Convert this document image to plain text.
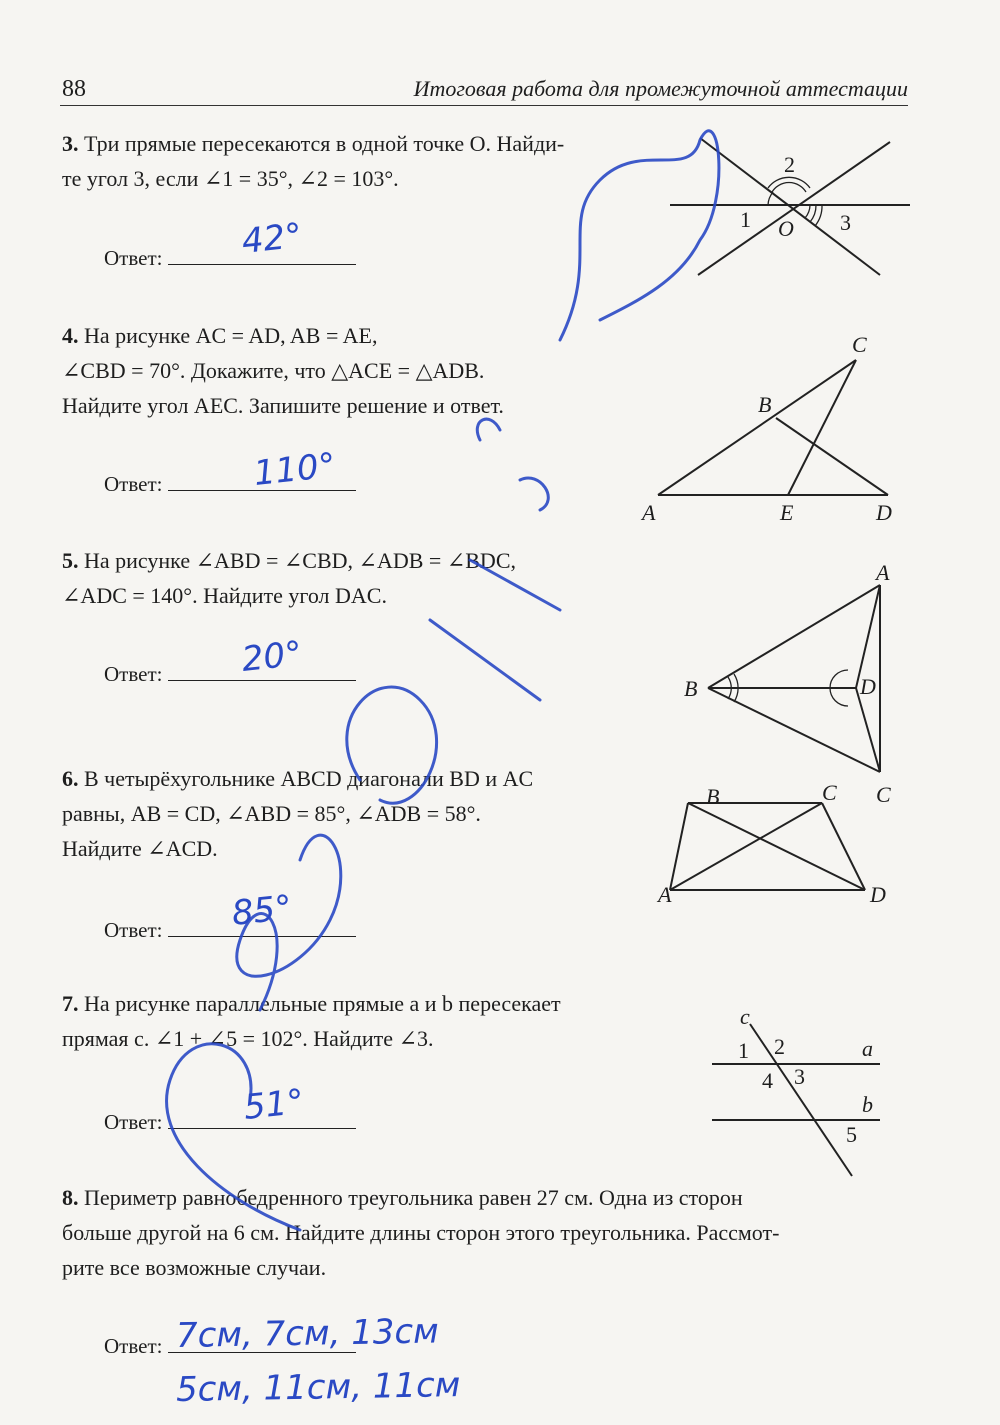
88	Итоговая работа для промежуточной аттестации
3. Три прямые пересекаются в одной точке O. Найди-
те угол 3, если ∠1 = 35°, ∠2 = 103°.
Ответ:	42°	1
2
3
O
4. На рисунке AC = AD, AB = AE,
∠CBD = 70°. Докажите, что △ACE = △ADB.
Найдите угол AEC. Запишите решение и ответ.
Ответ:	110°
A
B
C
D
E
5. На рисунке ∠ABD = ∠CBD, ∠ADB = ∠BDC,
∠ADC = 140°. Найдите угол DAC.
Ответ:	20°
A
B
C
D
6. В четырёхугольнике ABCD диагонали BD и AC
равны, AB = CD, ∠ABD = 85°, ∠ADB = 58°.
Найдите ∠ACD.
Ответ:	85°	A
B	C
D
7. На рисунке параллельные прямые a и b пересекает
прямая c. ∠1 + ∠5 = 102°. Найдите ∠3.
Ответ:	51°
c
a
b
1 2
3
4
5
8. Периметр равнобедренного треугольника равен 27 см. Одна из сторон
больше другой на 6 см. Найдите длины сторон этого треугольника. Рассмот-
рите все возможные случаи.
Ответ: 7см, 7см, 13см
5см, 11см, 11см
